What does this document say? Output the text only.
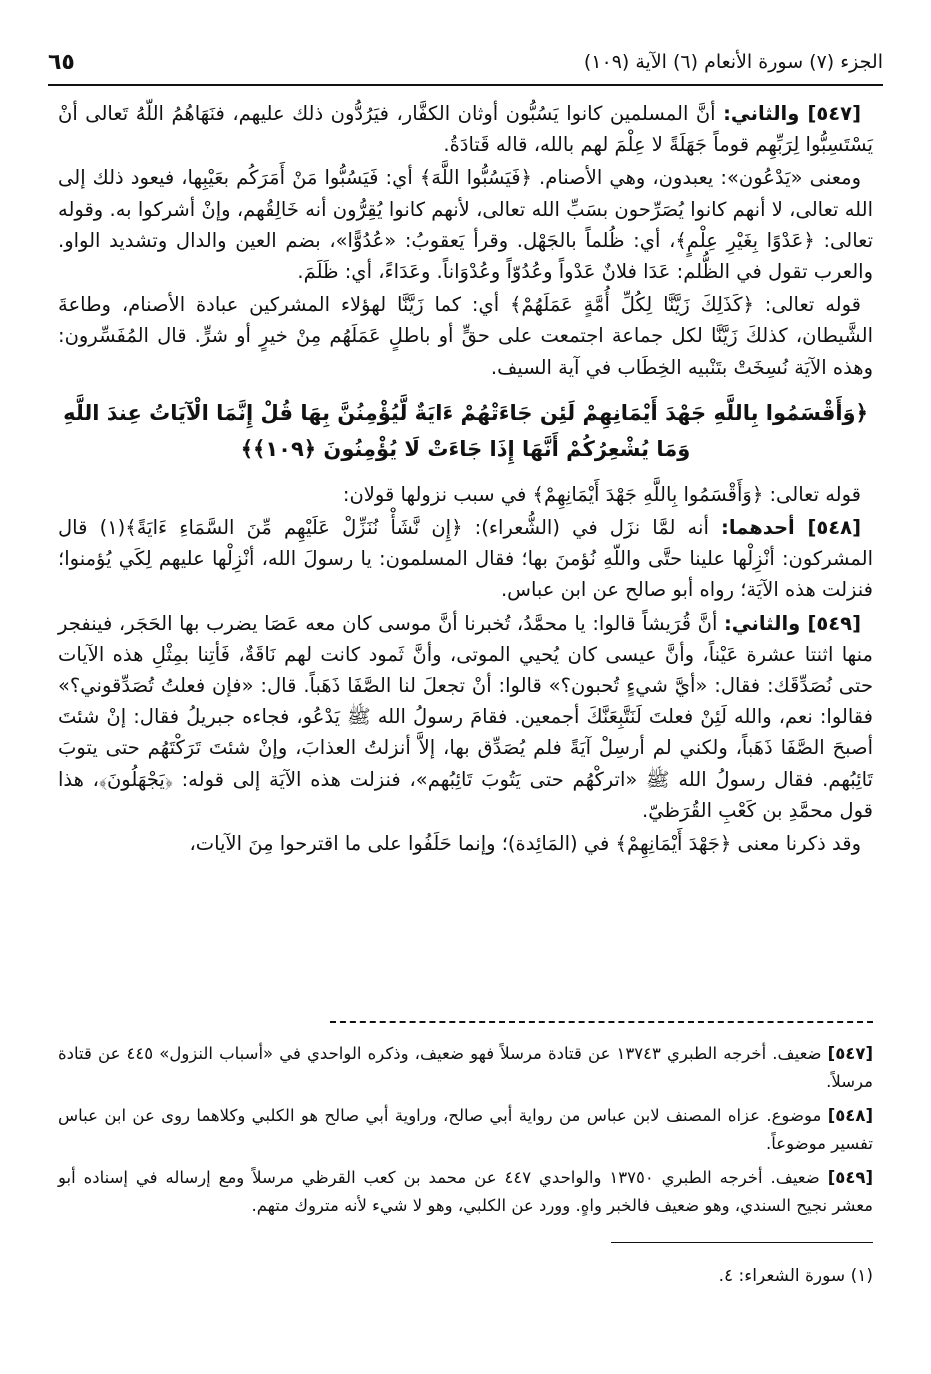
الجزء (٧) سورة الأنعام (٦) الآية (١٠٩)
٦٥

[٥٤٧] والثاني: أنَّ المسلمين كانوا يَسُبُّون أوثان الكفَّار، فيَرُدُّون ذلك عليهم، فنَهَاهُمُ اللّهُ تَعالى أنْ يَسْتَسِبُّوا لِرَبِّهِم قوماً جَهَلَةً لا عِلْمَ لهم بالله، قاله قَتادَةُ.

ومعنى «يَدْعُون»: يعبدون، وهي الأصنام. ﴿فَيَسُبُّوا اللَّهَ﴾ أي: فَيَسُبُّوا مَنْ أَمَرَكُم بعَيْبِها، فيعود ذلك إلى الله تعالى، لا أنهم كانوا يُصَرِّحون بسَبِّ الله تعالى، لأنهم كانوا يُقِرُّون أنه خَالِقُهم، وإنْ أشركوا به. وقوله تعالى: ﴿عَدْوًا بِغَيْرِ عِلْمٍ﴾، أي: ظُلماً بالجَهْل. وقرأ يَعقوبُ: «عُدُوًّا»، بضم العين والدال وتشديد الواو. والعرب تقول في الظُّلم: عَدَا فلانٌ عَدْواً وعُدُوّاً وعُدْوَاناً. وعَدَاءً، أي: ظَلَمَ.

قوله تعالى: ﴿كَذَلِكَ زَيَّنَّا لِكُلِّ أُمَّةٍ عَمَلَهُمْ﴾ أي: كما زَيَّنَّا لهؤلاء المشركين عبادة الأصنام، وطاعةَ الشَّيطان، كذلكَ زَيَّنَّا لكل جماعة اجتمعت على حقٍّ أو باطلٍ عَمَلَهُم مِنْ خيرٍ أو شرٍّ. قال المُفَسِّرون: وهذه الآيَة نُسِخَتْ بتَنْبيه الخِطَاب في آية السيف.

﴿وَأَقْسَمُوا بِاللَّهِ جَهْدَ أَيْمَانِهِمْ لَئِن جَاءَتْهُمْ ءَايَةٌ لَّيُؤْمِنُنَّ بِهَا قُلْ إِنَّمَا الْآيَاتُ عِندَ اللَّهِ وَمَا يُشْعِرُكُمْ أَنَّهَا إِذَا جَاءَتْ لَا يُؤْمِنُونَ ﴿١٠٩﴾﴾

قوله تعالى: ﴿وَأَقْسَمُوا بِاللَّهِ جَهْدَ أَيْمَانِهِمْ﴾ في سبب نزولها قولان:

[٥٤٨] أحدهما: أنه لمَّا نزَل في (الشُّعراء): ﴿إِن نَّشَأْ نُنَزِّلْ عَلَيْهِم مِّنَ السَّمَاءِ ءَايَةً﴾(١) قال المشركون: أنْزِلْها علينا حتَّى واللّهِ نُؤمنَ بها؛ فقال المسلمون: يا رسولَ الله، أنْزِلْها عليهم لِكَي يُؤمنوا؛ فنزلت هذه الآيَة؛ رواه أبو صالح عن ابن عباس.

[٥٤٩] والثاني: أنَّ قُرَيشاً قالوا: يا محمَّدُ، تُخبرنا أنَّ موسى كان معه عَصَا يضرب بها الحَجَر، فينفجر منها اثنتا عشرة عَيْناً، وأنَّ عيسى كان يُحيي الموتى، وأنَّ ثَمود كانت لهم نَاقَةٌ، فَأتِنا بمِثْلِ هذه الآيات حتى نُصَدِّقَك: فقال: «أيَّ شيءٍ تُحبون؟» قالوا: أنْ تجعلَ لنا الصَّفَا ذَهَباً. قال: «فإن فعلتُ تُصَدِّقوني؟» فقالوا: نعم، والله لَئِنْ فعلتَ لَنَتَّبِعَنَّكَ أجمعين. فقامَ رسولُ الله ﷺ يَدْعُو، فجاءه جبريلُ فقال: إنْ شئتَ أصبحَ الصَّفَا ذَهَباً، ولكني لم أرسِلْ آيَةً فلم يُصَدِّق بها، إلاَّ أنزلتُ العذابَ، وإنْ شئتَ تَرَكْتَهُم حتى يتوبَ تَائِبُهم. فقال رسولُ الله ﷺ «اتركْهُم حتى يَتُوبَ تَائِبُهم»، فنزلت هذه الآيَة إلى قوله: ﴿يَجْهَلُونَ﴾، هذا قول محمَّدِ بن كَعْبِ القُرَظيّ.

وقد ذكرنا معنى ﴿جَهْدَ أَيْمَانِهِمْ﴾ في (المَائِدة)؛ وإنما حَلَفُوا على ما اقترحوا مِنَ الآيات،

[٥٤٧] ضعيف. أخرجه الطبري ١٣٧٤٣ عن قتادة مرسلاً فهو ضعيف، وذكره الواحدي في «أسباب النزول» ٤٤٥ عن قتادة مرسلاً.

[٥٤٨] موضوع. عزاه المصنف لابن عباس من رواية أبي صالح، وراوية أبي صالح هو الكلبي وكلاهما روى عن ابن عباس تفسير موضوعاً.

[٥٤٩] ضعيف. أخرجه الطبري ١٣٧٥٠ والواحدي ٤٤٧ عن محمد بن كعب القرظي مرسلاً ومع إرساله في إسناده أبو معشر نجيح السندي، وهو ضعيف فالخبر واهٍ. وورد عن الكلبي، وهو لا شيء لأنه متروك متهم.

(١) سورة الشعراء: ٤.
